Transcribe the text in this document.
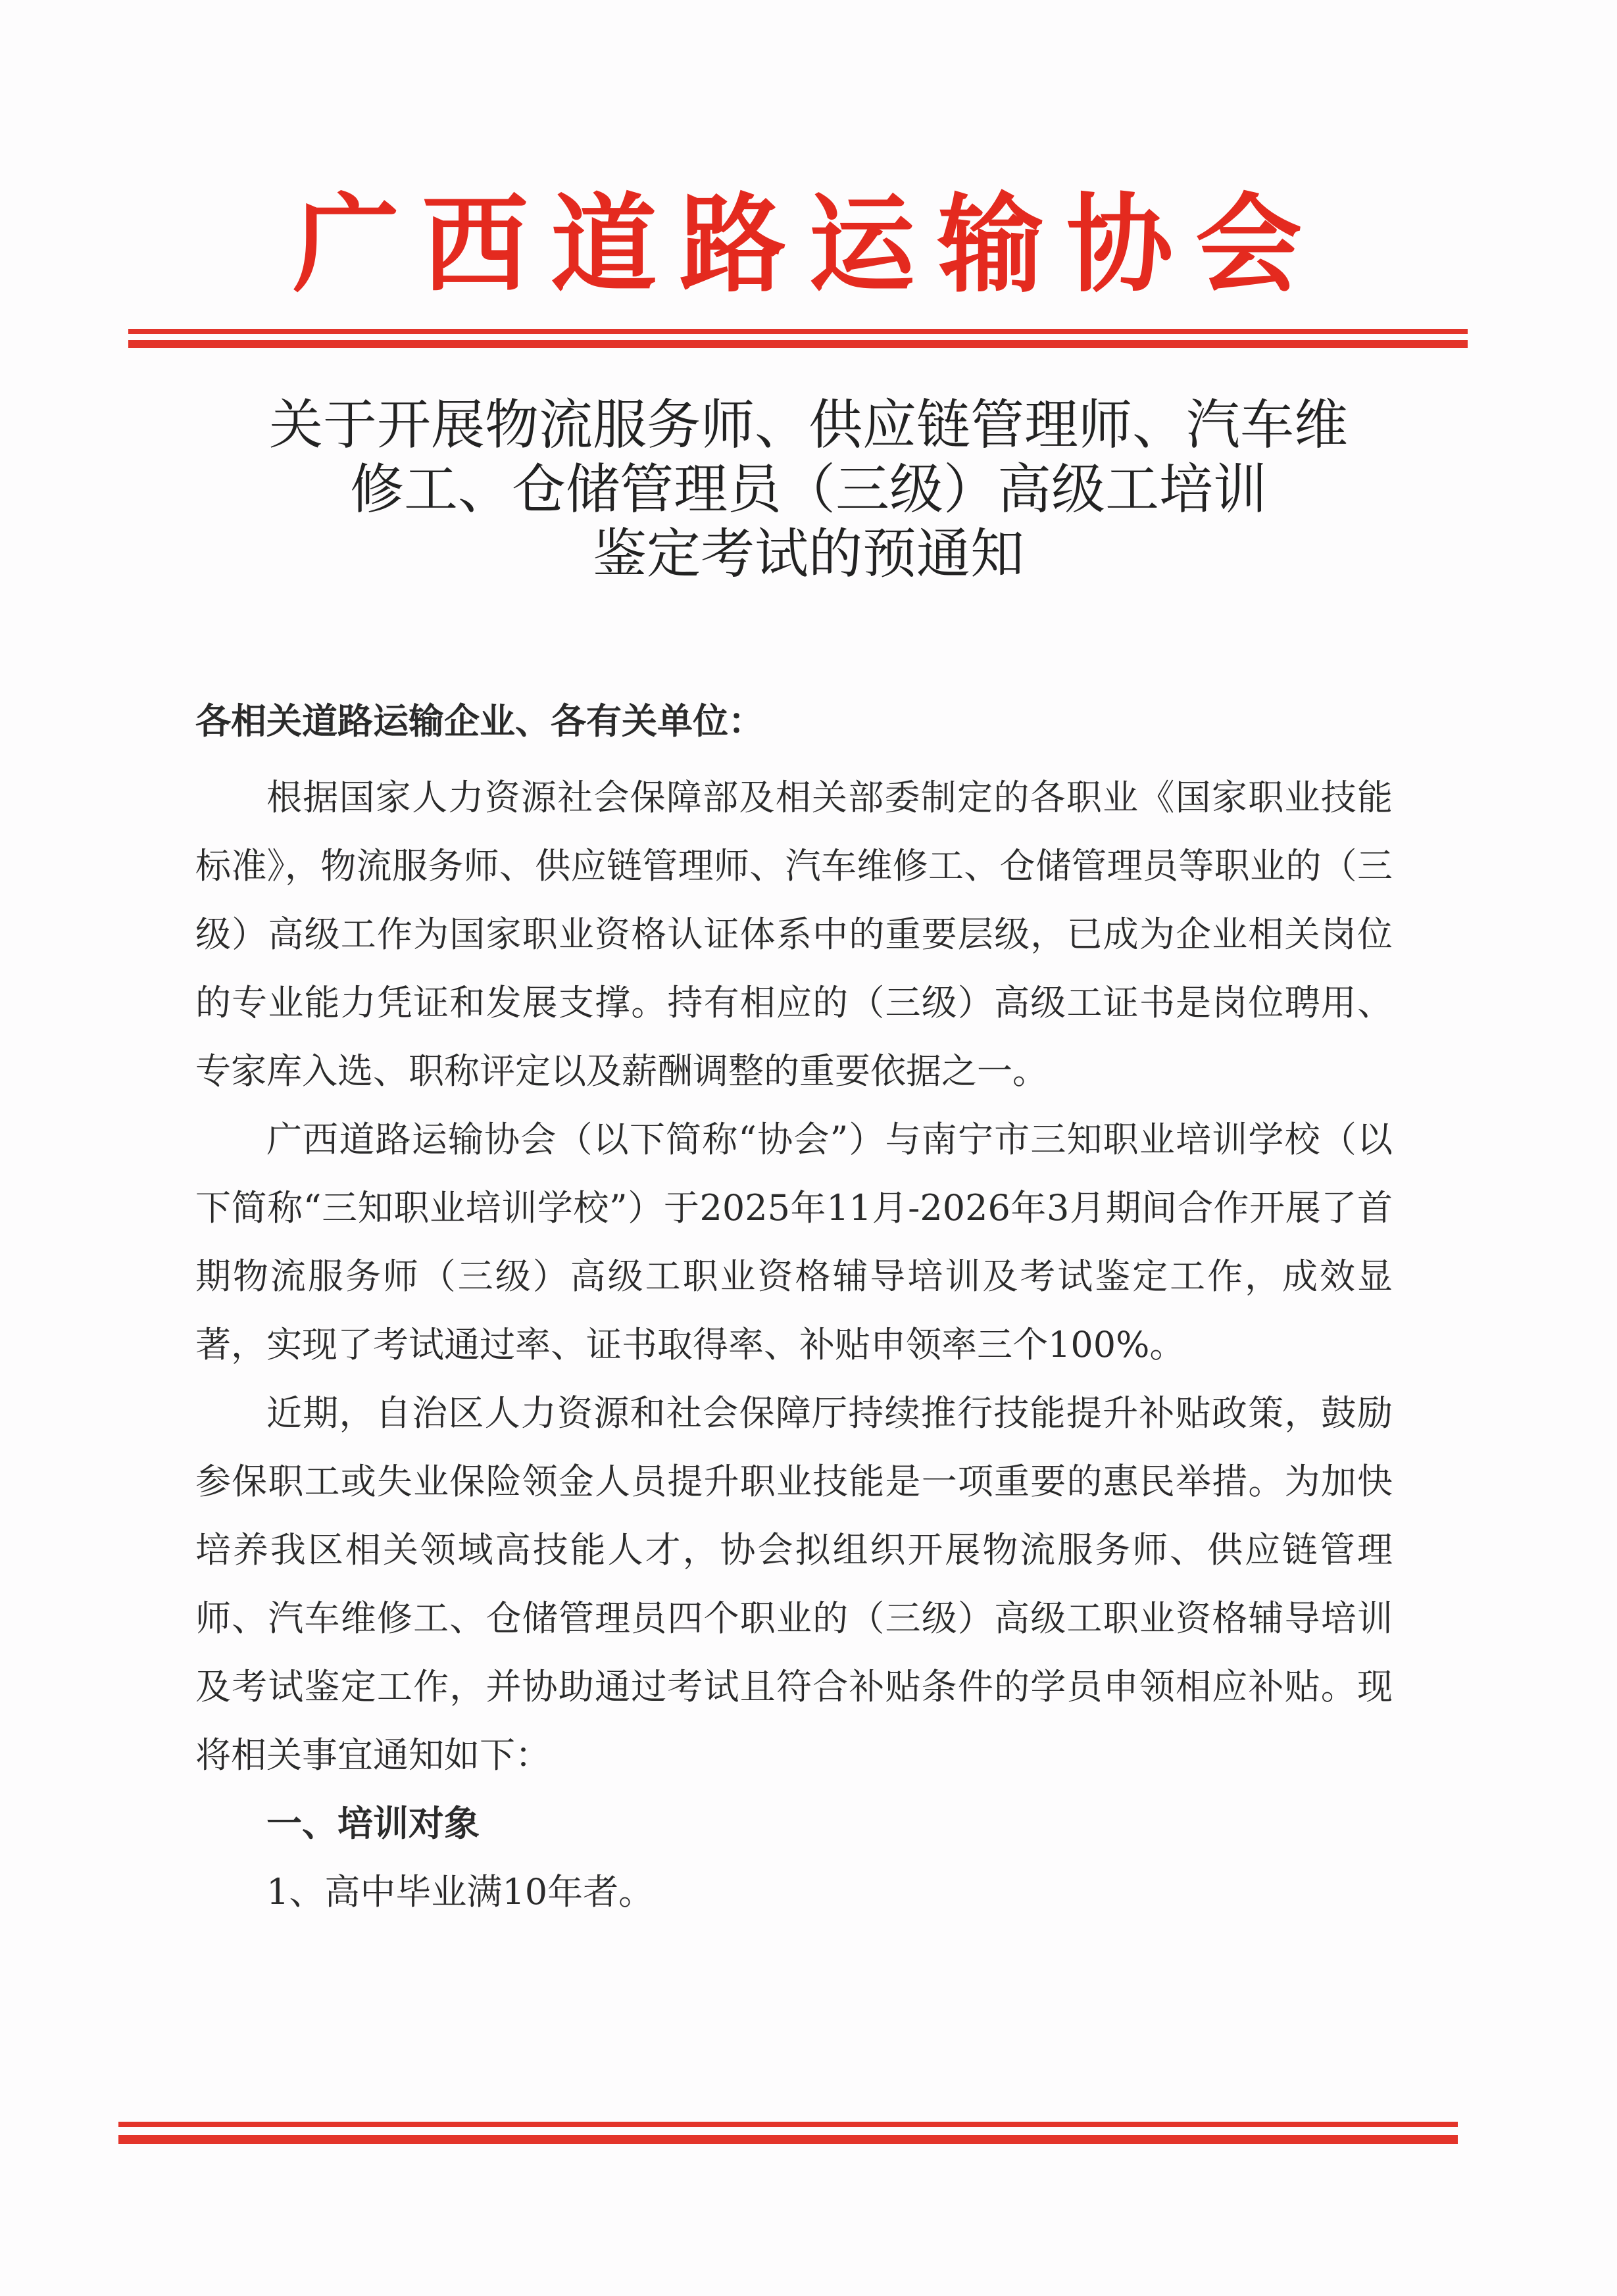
广西道路运输协会
关于开展物流服务师、供应链管理师、汽车维
修工、仓储管理员（三级）高级工培训
鉴定考试的预通知

各相关道路运输企业、各有关单位：

根据国家人力资源社会保障部及相关部委制定的各职业《国家职业技能标准》，物流服务师、供应链管理师、汽车维修工、仓储管理员等职业的（三级）高级工作为国家职业资格认证体系中的重要层级，已成为企业相关岗位的专业能力凭证和发展支撑。持有相应的（三级）高级工证书是岗位聘用、专家库入选、职称评定以及薪酬调整的重要依据之一。

广西道路运输协会（以下简称“协会”）与南宁市三知职业培训学校（以下简称“三知职业培训学校”）于2025年11月-2026年3月期间合作开展了首期物流服务师（三级）高级工职业资格辅导培训及考试鉴定工作，成效显著，实现了考试通过率、证书取得率、补贴申领率三个100%。

近期，自治区人力资源和社会保障厅持续推行技能提升补贴政策，鼓励参保职工或失业保险领金人员提升职业技能是一项重要的惠民举措。为加快培养我区相关领域高技能人才，协会拟组织开展物流服务师、供应链管理师、汽车维修工、仓储管理员四个职业的（三级）高级工职业资格辅导培训及考试鉴定工作，并协助通过考试且符合补贴条件的学员申领相应补贴。现将相关事宜通知如下：

一、培训对象

1、高中毕业满10年者。
